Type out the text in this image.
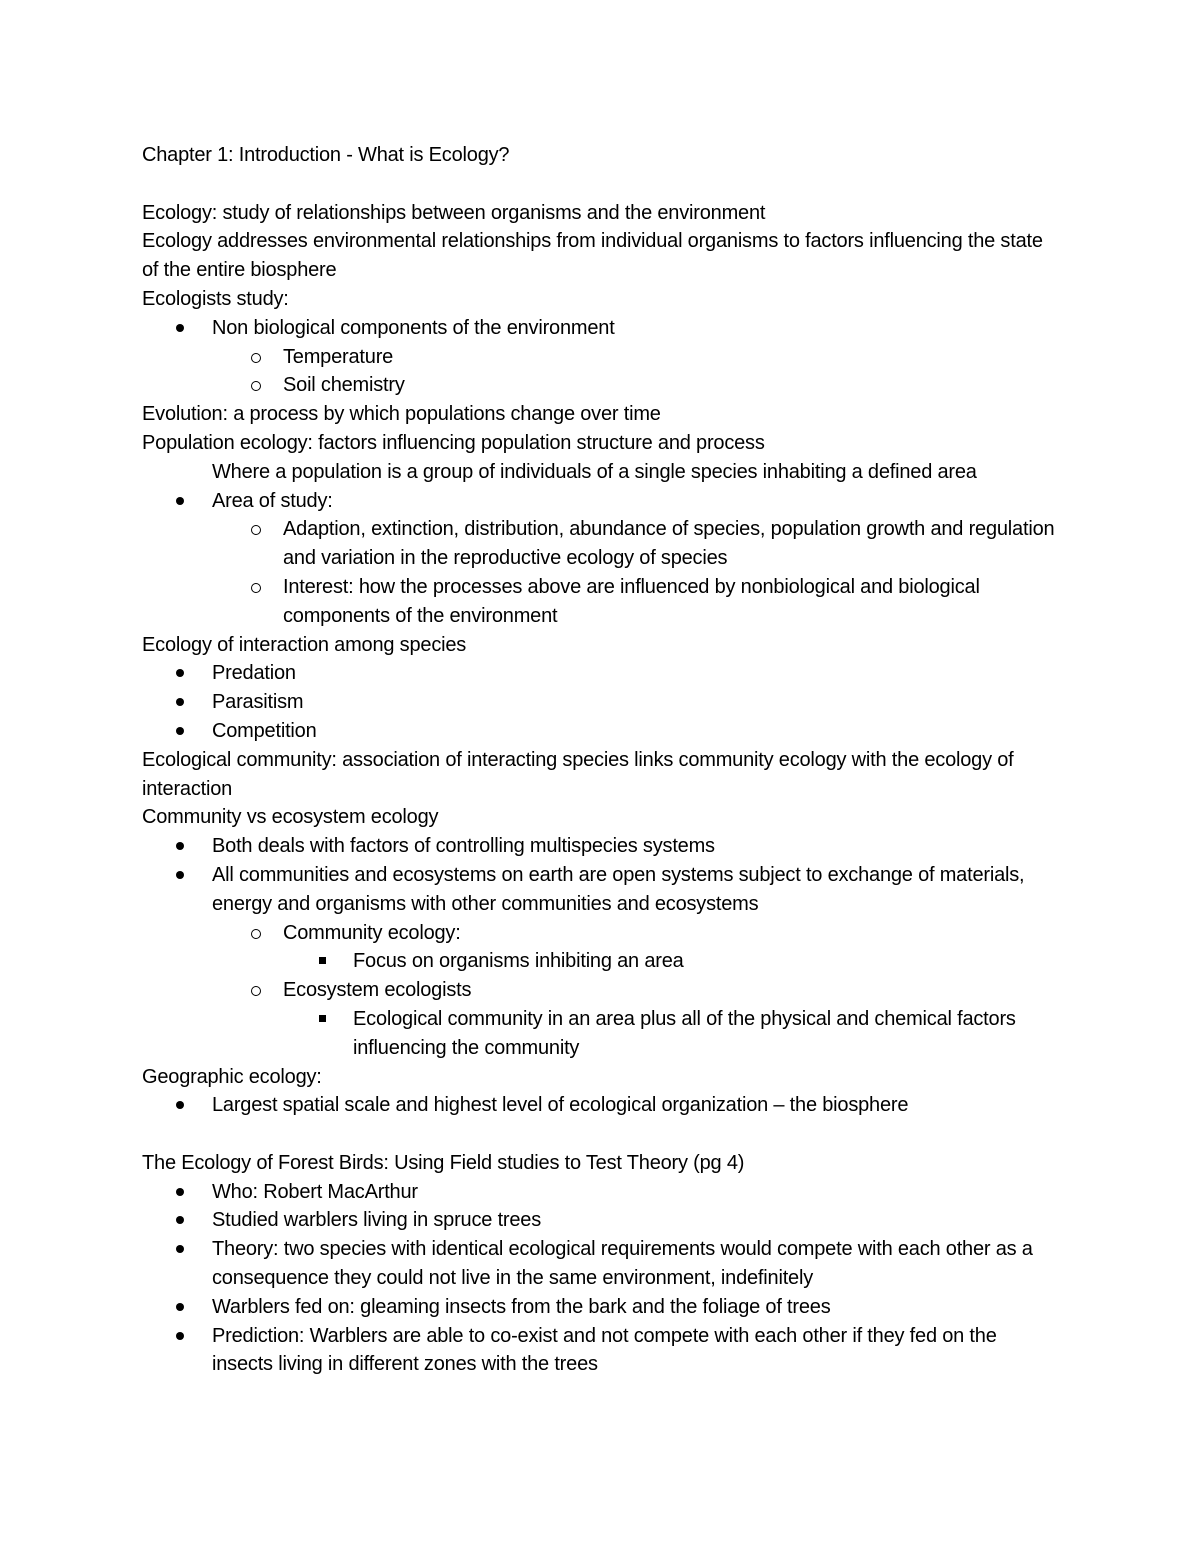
Chapter 1: Introduction - What is Ecology?

Ecology: study of relationships between organisms and the environment

Ecology addresses environmental relationships from individual organisms to factors influencing the state of the entire biosphere

Ecologists study:

Non biological components of the environment
Temperature
Soil chemistry

Evolution: a process by which populations change over time

Population ecology: factors influencing population structure and process

Where a population is a group of individuals of a single species inhabiting a defined area

Area of study:
Adaption, extinction, distribution, abundance of species, population growth and regulation and variation in the reproductive ecology of species
Interest: how the processes above are influenced by nonbiological and biological components of the environment

Ecology of interaction among species

Predation
Parasitism
Competition

Ecological community: association of interacting species links community ecology with the ecology of interaction

Community vs ecosystem ecology

Both deals with factors of controlling multispecies systems
All communities and ecosystems on earth are open systems subject to exchange of materials, energy and organisms with other communities and ecosystems
Community ecology:
Focus on organisms inhibiting an area
Ecosystem ecologists
Ecological community in an area plus all of the physical and chemical factors influencing the community

Geographic ecology:

Largest spatial scale and highest level of ecological organization – the biosphere

The Ecology of Forest Birds: Using Field studies to Test Theory (pg 4)

Who: Robert MacArthur
Studied warblers living in spruce trees
Theory: two species with identical ecological requirements would compete with each other as a consequence they could not live in the same environment, indefinitely
Warblers fed on: gleaming insects from the bark and the foliage of trees
Prediction: Warblers are able to co-exist and not compete with each other if they fed on the insects living in different zones with the trees
